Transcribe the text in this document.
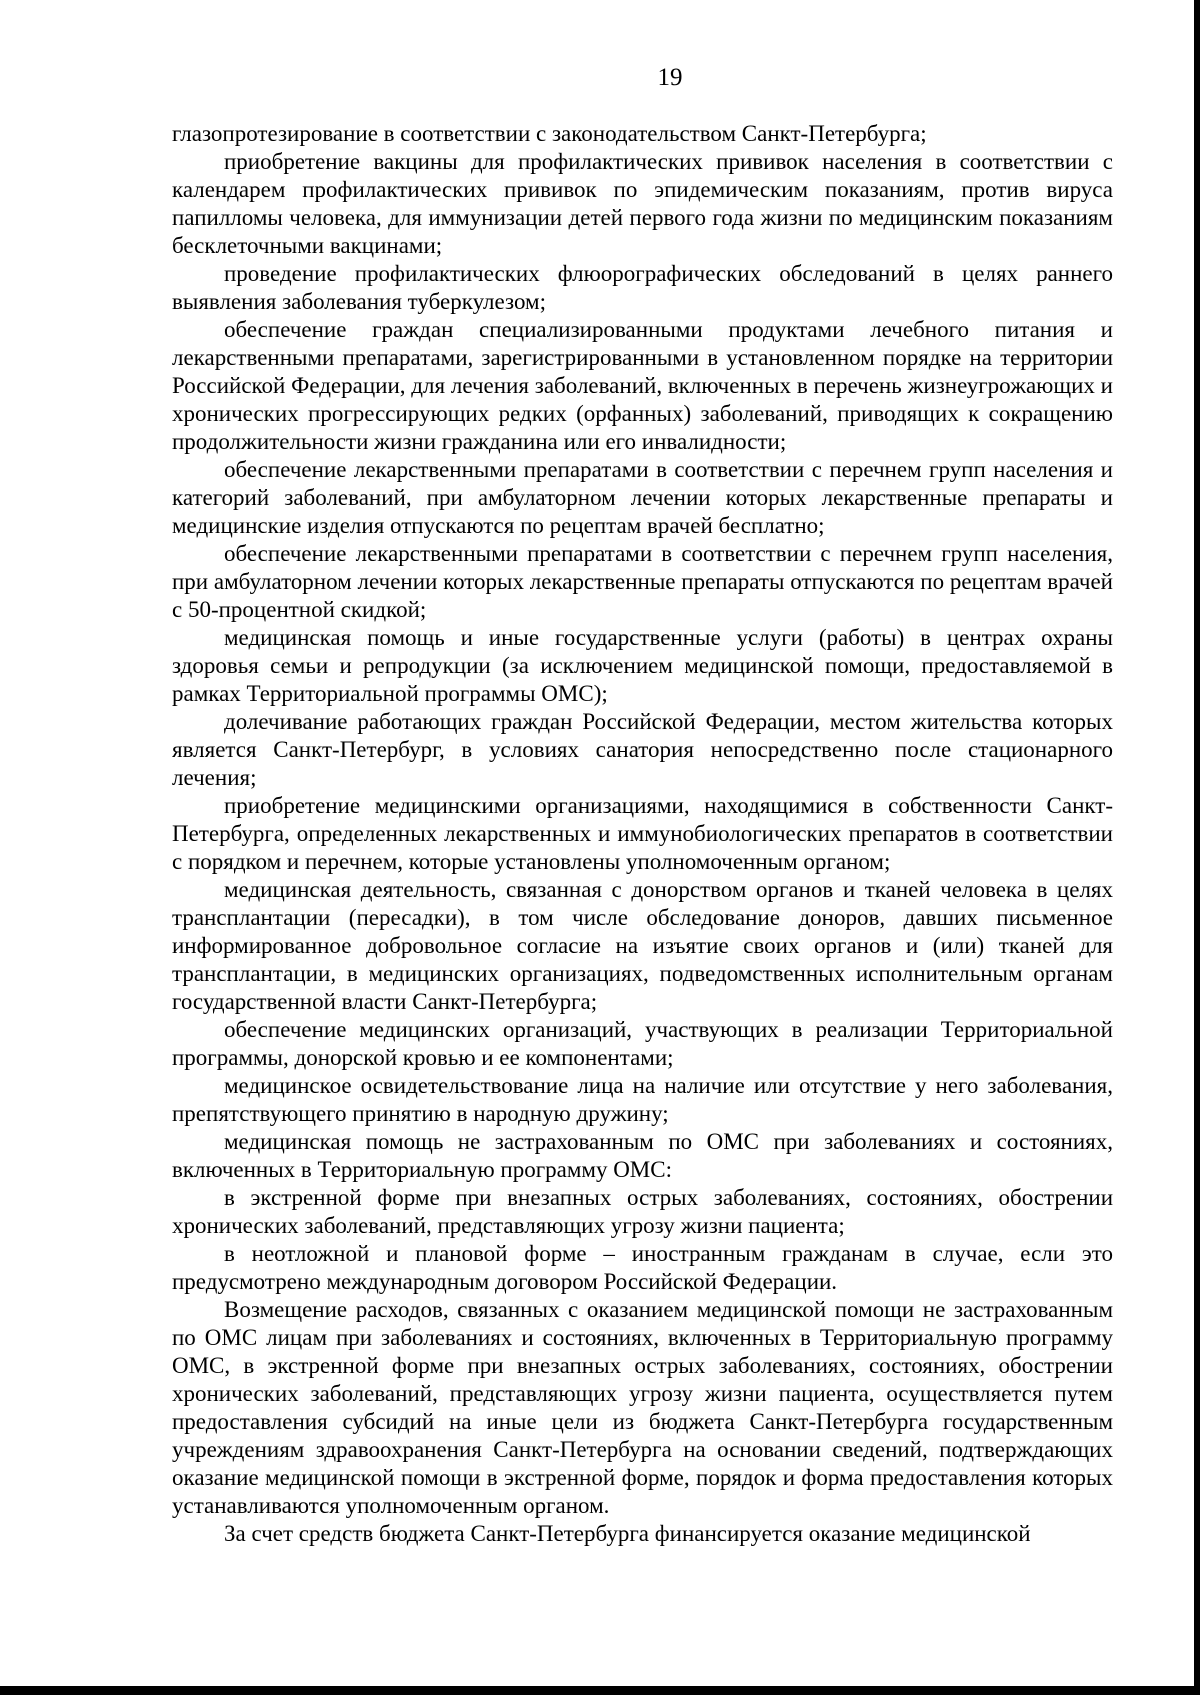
19

глазопротезирование в соответствии с законодательством Санкт-Петербурга;

приобретение вакцины для профилактических прививок населения в соответствии с календарем профилактических прививок по эпидемическим показаниям, против вируса папилломы человека, для иммунизации детей первого года жизни по медицинским показаниям бесклеточными вакцинами;

проведение профилактических флюорографических обследований в целях раннего выявления заболевания туберкулезом;

обеспечение граждан специализированными продуктами лечебного питания и лекарственными препаратами, зарегистрированными в установленном порядке на территории Российской Федерации, для лечения заболеваний, включенных в перечень жизнеугрожающих и хронических прогрессирующих редких (орфанных) заболеваний, приводящих к сокращению продолжительности жизни гражданина или его инвалидности;

обеспечение лекарственными препаратами в соответствии с перечнем групп населения и категорий заболеваний, при амбулаторном лечении которых лекарственные препараты и медицинские изделия отпускаются по рецептам врачей бесплатно;

обеспечение лекарственными препаратами в соответствии с перечнем групп населения, при амбулаторном лечении которых лекарственные препараты отпускаются по рецептам врачей с 50-процентной скидкой;

медицинская помощь и иные государственные услуги (работы) в центрах охраны здоровья семьи и репродукции (за исключением медицинской помощи, предоставляемой в рамках Территориальной программы ОМС);

долечивание работающих граждан Российской Федерации, местом жительства которых является Санкт-Петербург, в условиях санатория непосредственно после стационарного лечения;

приобретение медицинскими организациями, находящимися в собственности Санкт-Петербурга, определенных лекарственных и иммунобиологических препаратов в соответствии с порядком и перечнем, которые установлены уполномоченным органом;

медицинская деятельность, связанная с донорством органов и тканей человека в целях трансплантации (пересадки), в том числе обследование доноров, давших письменное информированное добровольное согласие на изъятие своих органов и (или) тканей для трансплантации, в медицинских организациях, подведомственных исполнительным органам государственной власти Санкт-Петербурга;

обеспечение медицинских организаций, участвующих в реализации Территориальной программы, донорской кровью и ее компонентами;

медицинское освидетельствование лица на наличие или отсутствие у него заболевания, препятствующего принятию в народную дружину;

медицинская помощь не застрахованным по ОМС при заболеваниях и состояниях, включенных в Территориальную программу ОМС:

в экстренной форме при внезапных острых заболеваниях, состояниях, обострении хронических заболеваний, представляющих угрозу жизни пациента;

в неотложной и плановой форме – иностранным гражданам в случае, если это предусмотрено международным договором Российской Федерации.

Возмещение расходов, связанных с оказанием медицинской помощи не застрахованным по ОМС лицам при заболеваниях и состояниях, включенных в Территориальную программу ОМС, в экстренной форме при внезапных острых заболеваниях, состояниях, обострении хронических заболеваний, представляющих угрозу жизни пациента, осуществляется путем предоставления субсидий на иные цели из бюджета Санкт-Петербурга государственным учреждениям здравоохранения Санкт-Петербурга на основании сведений, подтверждающих оказание медицинской помощи в экстренной форме, порядок и форма предоставления которых устанавливаются уполномоченным органом.

За счет средств бюджета Санкт-Петербурга финансируется оказание медицинской
